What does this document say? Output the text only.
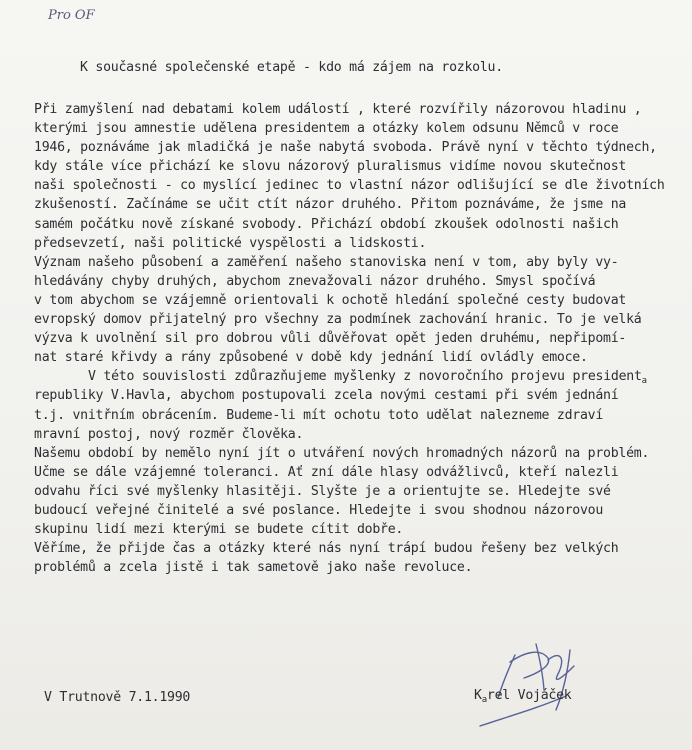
Pro OF
K současné společenské etapě - kdo má zájem na rozkolu.
Při zamyšlení nad debatami kolem událostí , které rozvířily názorovou hladinu ,
kterými jsou amnestie udělena presidentem a otázky kolem odsunu Němců v roce
1946, poznáváme jak mladičká je naše nabytá svoboda. Právě nyní v těchto týdnech,
kdy stále více přichází ke slovu názorový pluralismus vidíme novou skutečnost
naši společnosti - co myslící jedinec to vlastní názor odlišující se dle životních
zkušeností. Začínáme se učit ctít názor druhého. Přitom poznáváme, že jsme na
samém počátku nově získané svobody. Přichází období zkoušek odolnosti našich
předsevzetí, naši politické vyspělosti a lidskosti.
Význam našeho působení a zaměření našeho stanoviska není v tom, aby byly vy-
hledávány chyby druhých, abychom znevažovali názor druhého. Smysl spočívá
v tom abychom se vzájemně orientovali k ochotě hledání společné cesty budovat
evropský domov přijatelný pro všechny za podmínek zachování hranic. To je velká
výzva k uvolnění sil pro dobrou vůli důvěřovat opět jeden druhému, nepřipomí-
nat staré křivdy a rány způsobené v době kdy jednání lidí ovládly emoce.
V této souvislosti zdůrazňujeme myšlenky z novoročního projevu president$_a$
republiky V.Havla, abychom postupovali zcela novými cestami při svém jednání
t.j. vnitřním obrácením. Budeme-li mít ochotu toto udělat nalezneme zdraví
mravní postoj, nový rozměr člověka.
Našemu období by nemělo nyní jít o utváření nových hromadných názorů na problém.
Učme se dále vzájemné toleranci. Ať zní dále hlasy odvážlivců, kteří nalezli
odvahu říci své myšlenky hlasitěji. Slyšte je a orientujte se. Hledejte své
budoucí veřejné činitelé a své poslance. Hledejte i svou shodnou názorovou
skupinu lidí mezi kterými se budete cítit dobře.
Věříme, že přijde čas a otázky které nás nyní trápí budou řešeny bez velkých
problémů a zcela jistě i tak sametově jako naše revoluce.
V Trutnově 7.1.1990	$K_arel$ Vojáček
